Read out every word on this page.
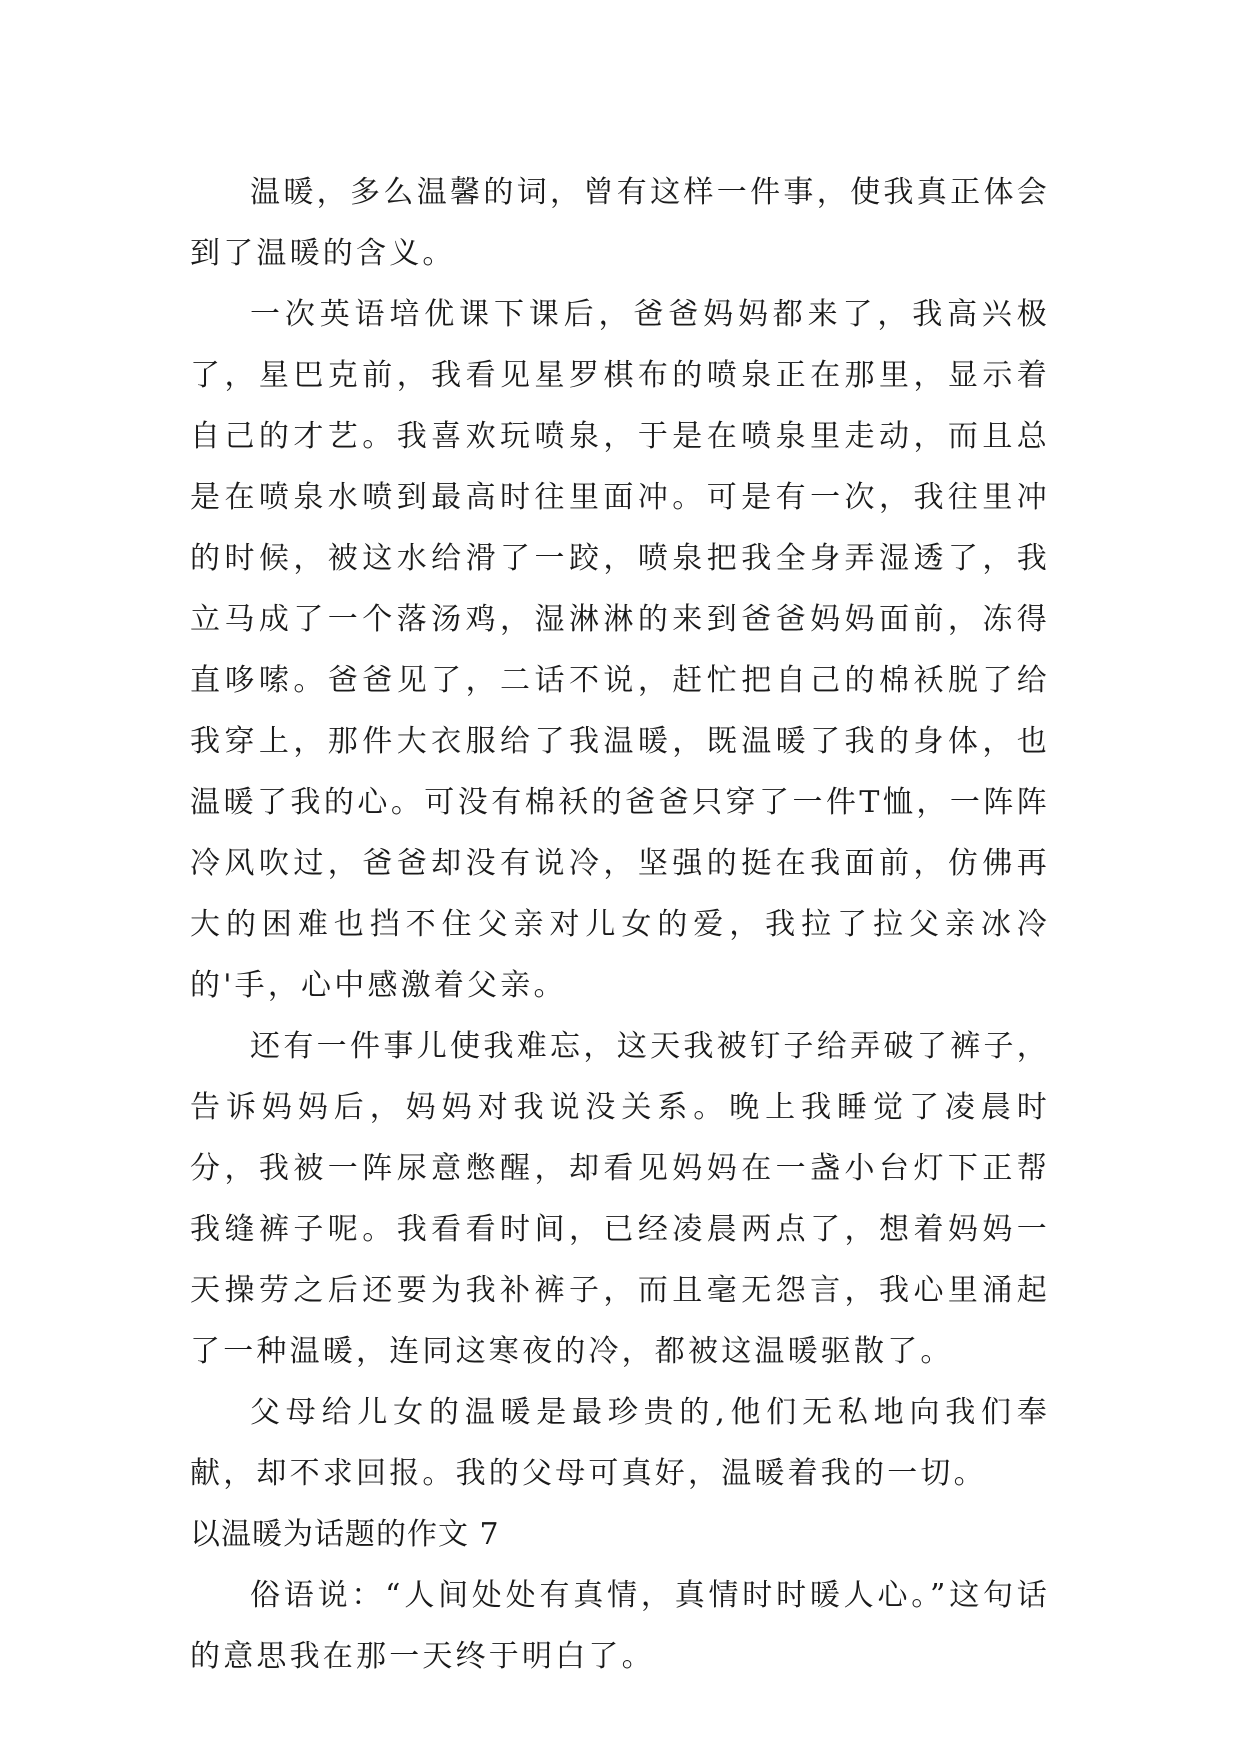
温暖，多么温馨的词，曾有这样一件事，使我真正体会到了温暖的含义。

一次英语培优课下课后，爸爸妈妈都来了，我高兴极了，星巴克前，我看见星罗棋布的喷泉正在那里，显示着自己的才艺。我喜欢玩喷泉，于是在喷泉里走动，而且总是在喷泉水喷到最高时往里面冲。可是有一次，我往里冲的时候，被这水给滑了一跤，喷泉把我全身弄湿透了，我立马成了一个落汤鸡，湿淋淋的来到爸爸妈妈面前，冻得直哆嗦。爸爸见了，二话不说，赶忙把自己的棉袄脱了给我穿上，那件大衣服给了我温暖，既温暖了我的身体，也温暖了我的心。可没有棉袄的爸爸只穿了一件T恤，一阵阵冷风吹过，爸爸却没有说冷，坚强的挺在我面前，仿佛再大的困难也挡不住父亲对儿女的爱，我拉了拉父亲冰冷的'手，心中感激着父亲。

还有一件事儿使我难忘，这天我被钉子给弄破了裤子，告诉妈妈后，妈妈对我说没关系。晚上我睡觉了凌晨时分，我被一阵尿意憋醒，却看见妈妈在一盏小台灯下正帮我缝裤子呢。我看看时间，已经凌晨两点了，想着妈妈一天操劳之后还要为我补裤子，而且毫无怨言，我心里涌起了一种温暖，连同这寒夜的冷，都被这温暖驱散了。

父母给儿女的温暖是最珍贵的,他们无私地向我们奉献，却不求回报。我的父母可真好，温暖着我的一切。

以温暖为话题的作文 7

俗语说：“人间处处有真情，真情时时暖人心。”这句话的意思我在那一天终于明白了。
